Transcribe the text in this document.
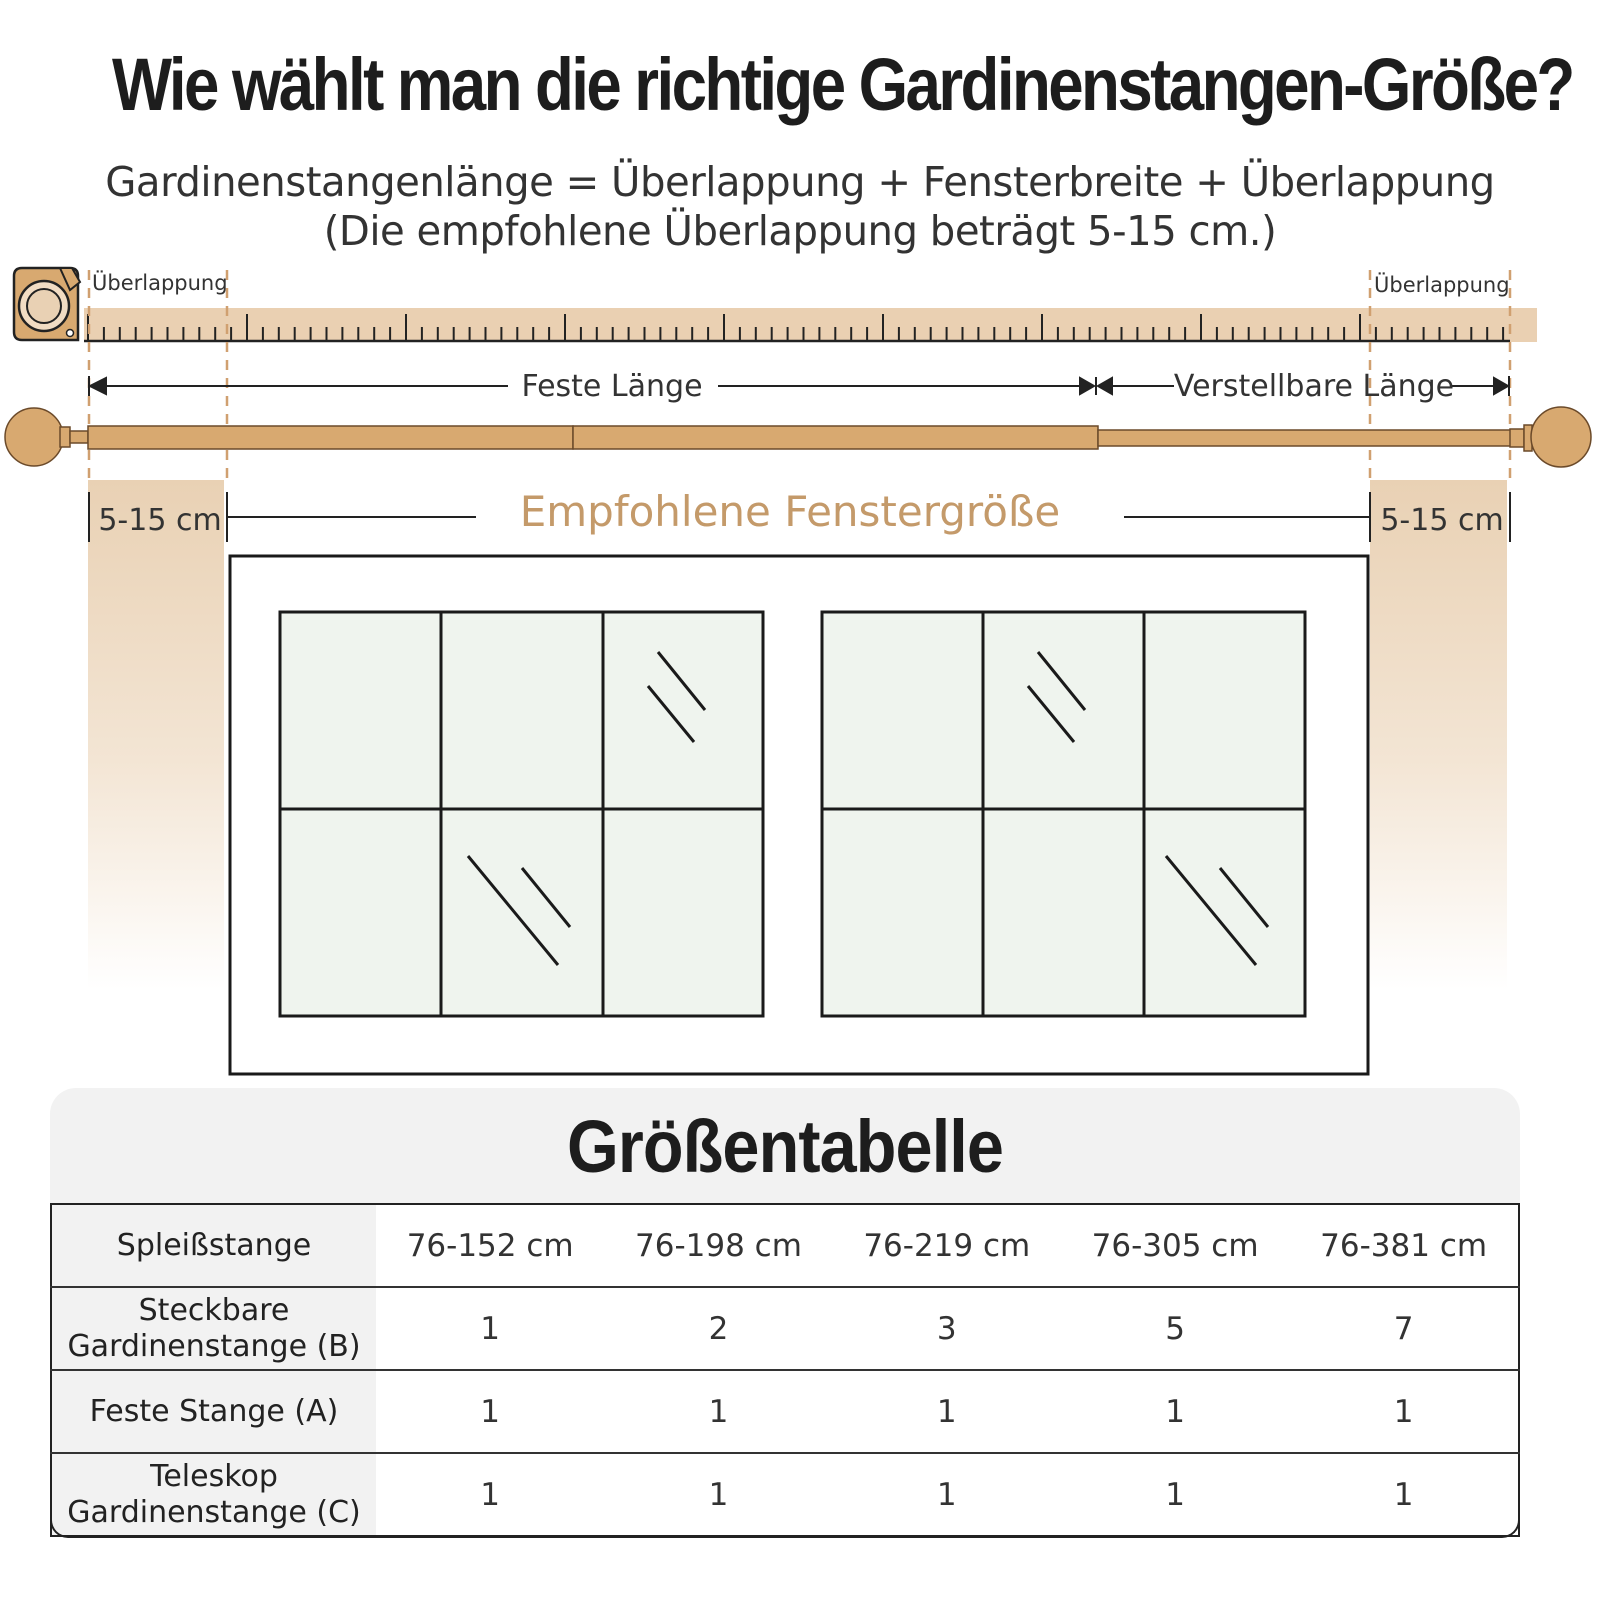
Wie wählt man die richtige Gardinenstangen-Größe?
Gardinenstangenlänge = Überlappung + Fensterbreite + Überlappung
(Die empfohlene Überlappung beträgt 5-15 cm.)
Überlappung	Überlappung
Feste Länge	Verstellbare Länge
5-15 cm	5-15 cm
Empfohlene Fenstergröße
Größentabelle
Spleißstange	76-152 cm	76-198 cm	76-219 cm	76-305 cm	76-381 cm

Steckbare
Gardinenstange (B)	1	2	3	5	7
Feste Stange (A)	1	1	1	1	1

Teleskop
Gardinenstange (C)	1	1	1	1	1
